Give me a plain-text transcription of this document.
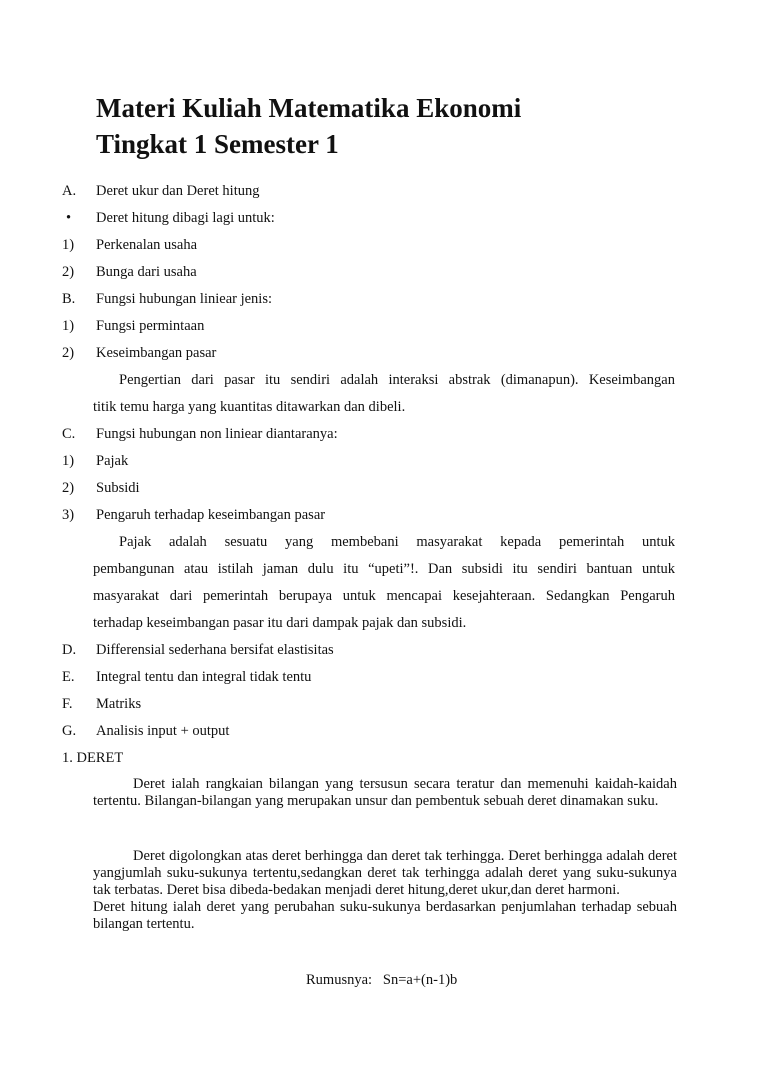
Materi Kuliah Matematika Ekonomi
Tingkat 1 Semester 1
A. Deret ukur dan Deret hitung
• Deret hitung dibagi lagi untuk:
1) Perkenalan usaha
2) Bunga dari usaha
B. Fungsi hubungan liniear jenis:
1) Fungsi permintaan
2) Keseimbangan pasar
Pengertian dari pasar itu sendiri adalah interaksi abstrak (dimanapun). Keseimbangan
titik temu harga yang kuantitas ditawarkan dan dibeli.
C. Fungsi hubungan non liniear diantaranya:
1) Pajak
2) Subsidi
3) Pengaruh terhadap keseimbangan pasar
Pajak adalah sesuatu yang membebani masyarakat kepada pemerintah untuk
pembangunan atau istilah jaman dulu itu “upeti”!. Dan subsidi itu sendiri bantuan untuk
masyarakat dari pemerintah berupaya untuk mencapai kesejahteraan. Sedangkan Pengaruh
terhadap keseimbangan pasar itu dari dampak pajak dan subsidi.
D. Differensial sederhana bersifat elastisitas
E. Integral tentu dan integral tidak tentu
F. Matriks
G. Analisis input + output
1. DERET
Deret ialah rangkaian bilangan yang tersusun secara teratur dan memenuhi kaidah-kaidah tertentu. Bilangan-bilangan yang merupakan unsur dan pembentuk sebuah deret dinamakan suku.
Deret digolongkan atas deret berhingga dan deret tak terhingga. Deret berhingga adalah deret yangjumlah suku-sukunya tertentu,sedangkan deret tak terhingga adalah deret yang suku-sukunya tak terbatas. Deret bisa dibeda-bedakan menjadi deret hitung,deret ukur,dan deret harmoni.
Deret hitung ialah deret yang perubahan suku-sukunya berdasarkan penjumlahan terhadap sebuah bilangan tertentu.
Rumusnya:   Sn=a+(n-1)b
